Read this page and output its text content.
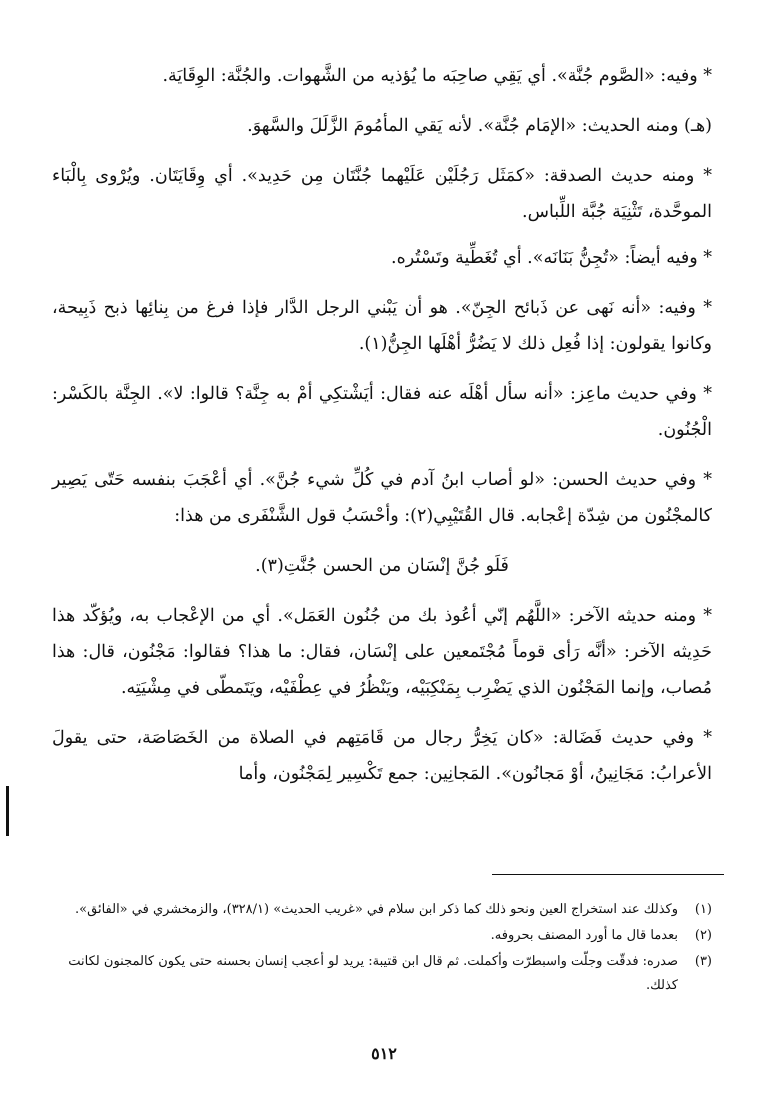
* وفيه: «الصَّوم جُنَّة». أي يَقِي صاحِبَه ما يُؤذيه من الشَّهوات. والجُنَّة: الوِقَايَة.

(هـ) ومنه الحديث: «الإمَام جُنَّة». لأنه يَقي المأمُومَ الزَّلَلَ والسَّهوَ.

* ومنه حديث الصدقة: «كمَثَل رَجُلَيْن عَلَيْهما جُنَّتَان مِن حَدِيد». أي وِقَايَتَان. ويُرْوى بِالْبَاء الموحَّدة، تَثْنِيَة جُبَّة اللِّباس.

* وفيه أيضاً: «تُجِنُّ بَنَانَه». أي تُغَطِّية وتَسْتُره.

* وفيه: «أنه نَهى عن ذَبائح الجِنّ». هو أن يَبْني الرجل الدَّار فإذا فرغ من بِنائِها ذبح ذَبِيحة، وكانوا يقولون: إذا فُعِل ذلك لا يَضُرُّ أهْلَها الجِنُّ(١).

* وفي حديث ماعِز: «أنه سأل أهْلَه عنه فقال: أيَشْتكِي أمْ به جِنَّة؟ قالوا: لا». الجِنَّة بالكَسْر: الْجُنُون.

* وفي حديث الحسن: «لو أصاب ابنُ آدم في كُلِّ شيء جُنَّ». أي أعْجَبَ بنفسه حَتّى يَصِير كالمجْنُون من شِدّة إعْجابه. قال القُتَيْبِي(٢): وأحْسَبُ قول الشَّنْفَرى من هذا:

فَلَو جُنَّ إنْسَان من الحسن جُنَّتِ(٣).

* ومنه حديثه الآخر: «اللَّهُم إنّي أعُوذ بك من جُنُون العَمَل». أي من الإعْجاب به، ويُؤكّد هذا حَدِيثه الآخر: «أنَّه رَأى قوماً مُجْتَمعين على إنْسَان، فقال: ما هذا؟ فقالوا: مَجْنُون، قال: هذا مُصاب، وإنما المَجْنُون الذي يَضْرِب بِمَنْكِبَيْه، ويَنْظُرُ في عِطْفَيْه، ويَتَمطّى في مِشْيَتِه.

* وفي حديث فَضَالة: «كان يَخِرُّ رجال من قَامَتِهم في الصلاة من الخَصَاصَة، حتى يقولَ الأعرابُ: مَجَانِينُ، أوْ مَجانُون». المَجانِين: جمع تَكْسِير لِمَجْنُون، وأما

(١)
وكذلك عند استخراج العين ونحو ذلك كما ذكر ابن سلام في «غريب الحديث» (٣٢٨/١)، والزمخشري في «الفائق».
(٢)
بعدما قال ما أورد المصنف بحروفه.
(٣)
صدره: فدقّت وجلّت واسبطرّت وأكملت. ثم قال ابن قتيبة: يريد لو أعجب إنسان بحسنه حتى يكون كالمجنون لكانت كذلك.
٥١٢
